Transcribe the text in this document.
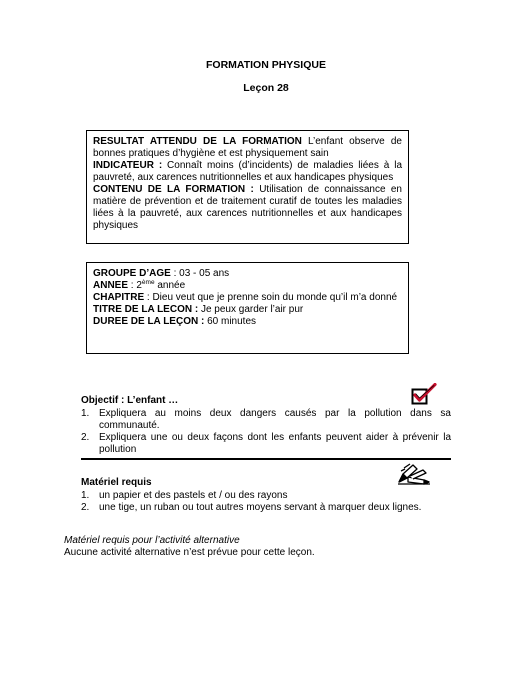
FORMATION PHYSIQUE
Leçon 28

RESULTAT ATTENDU DE LA FORMATION L’enfant observe de bonnes pratiques d’hygiène et est physiquement sain

INDICATEUR : Connaît moins (d’incidents) de maladies liées à la pauvreté, aux carences nutritionnelles et aux handicapes physiques

CONTENU DE LA FORMATION : Utilisation de connaissance en matière de prévention et de traitement curatif de toutes les maladies liées à la pauvreté, aux carences nutritionnelles et aux handicapes physiques

GROUPE D’AGE : 03 - 05 ans

ANNEE : 2ème année

CHAPITRE : Dieu veut que je prenne soin du monde qu’il m’a donné

TITRE DE LA LECON : Je peux garder l’air pur

DUREE DE LA LEÇON : 60 minutes

Objectif : L’enfant …
1. Expliquera au moins deux dangers causés par la pollution dans sa communauté.
2. Expliquera une ou deux façons dont les enfants peuvent aider à prévenir la pollution
Matériel requis
1. un papier et des pastels et / ou des rayons
2. une tige, un ruban ou tout autres moyens servant à marquer deux lignes.
Matériel requis pour l’activité alternative
Aucune activité alternative n’est prévue pour cette leçon.
